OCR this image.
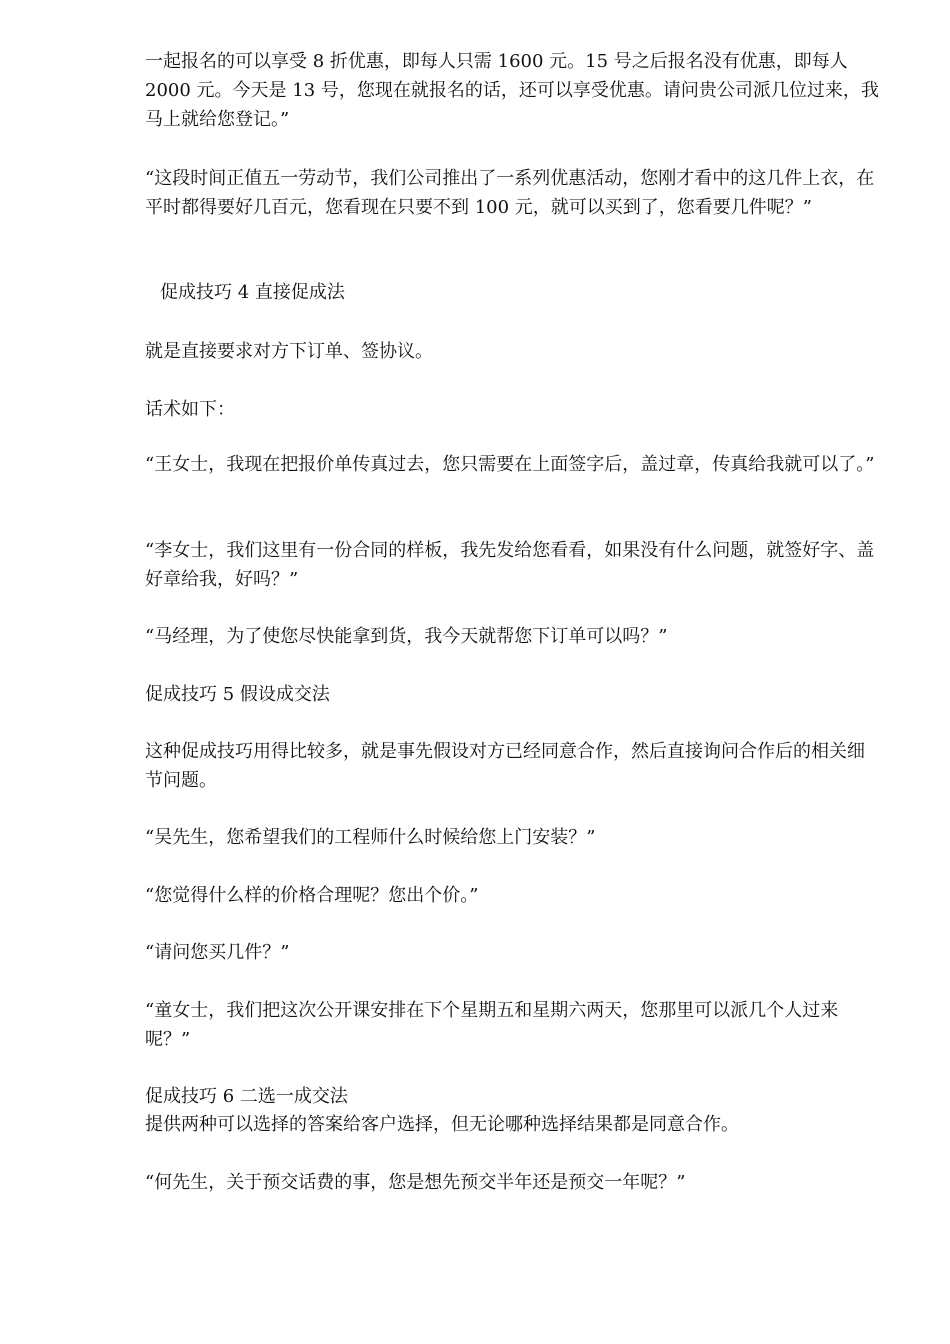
一起报名的可以享受 8 折优惠，即每人只需 1600 元。15 号之后报名没有优惠，即每人 2000 元。今天是 13 号，您现在就报名的话，还可以享受优惠。请问贵公司派几位过来，我马上就给您登记。”

“这段时间正值五一劳动节，我们公司推出了一系列优惠活动，您刚才看中的这几件上衣，在平时都得要好几百元，您看现在只要不到 100 元，就可以买到了，您看要几件呢？”

促成技巧 4 直接促成法

就是直接要求对方下订单、签协议。

话术如下：

“王女士，我现在把报价单传真过去，您只需要在上面签字后，盖过章，传真给我就可以了。”

“李女士，我们这里有一份合同的样板，我先发给您看看，如果没有什么问题，就签好字、盖好章给我，好吗？”

“马经理，为了使您尽快能拿到货，我今天就帮您下订单可以吗？”

促成技巧 5 假设成交法

这种促成技巧用得比较多，就是事先假设对方已经同意合作，然后直接询问合作后的相关细节问题。

“吴先生，您希望我们的工程师什么时候给您上门安装？”

“您觉得什么样的价格合理呢？您出个价。”

“请问您买几件？”

“童女士，我们把这次公开课安排在下个星期五和星期六两天，您那里可以派几个人过来呢？”

促成技巧 6 二选一成交法

提供两种可以选择的答案给客户选择，但无论哪种选择结果都是同意合作。

“何先生，关于预交话费的事，您是想先预交半年还是预交一年呢？”
